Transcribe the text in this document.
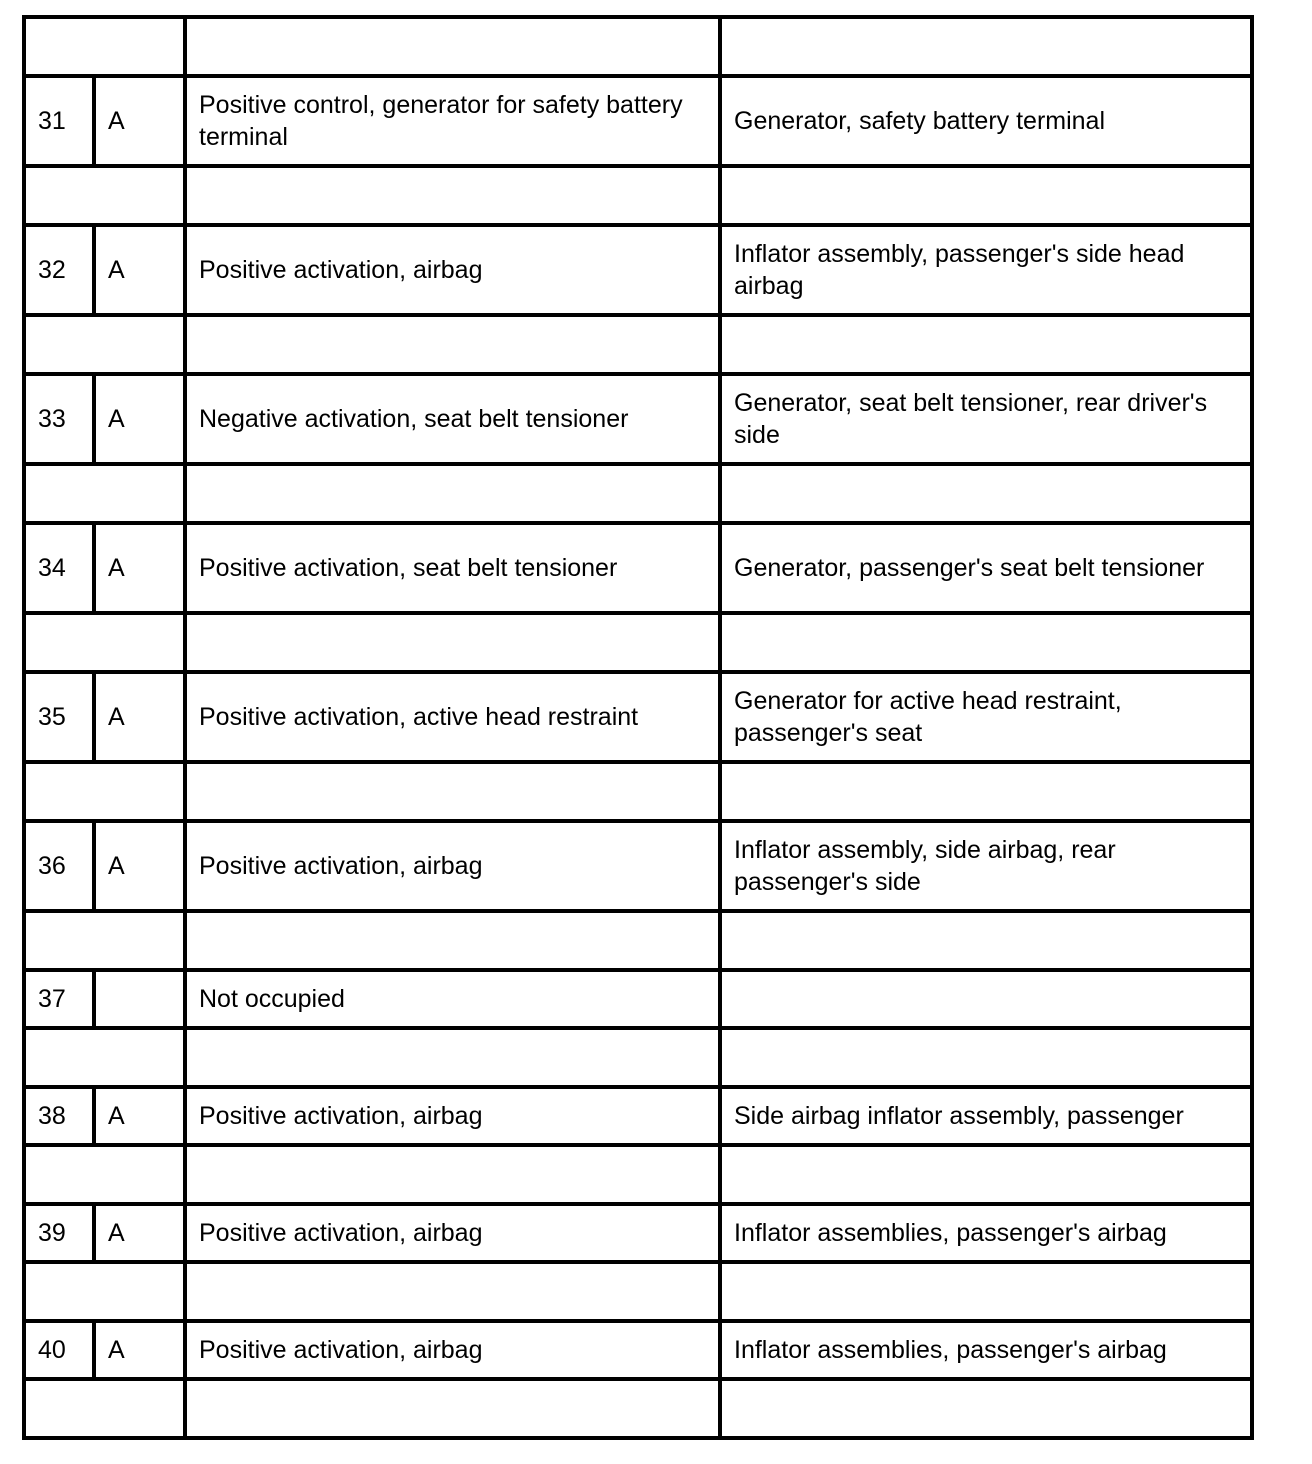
31	A	Positive control, generator for safety battery terminal	Generator, safety battery terminal

32	A	Positive activation, airbag	Inflator assembly, passenger's side head airbag

33	A	Negative activation, seat belt tensioner	Generator, seat belt tensioner, rear driver's side

34	A	Positive activation, seat belt tensioner	Generator, passenger's seat belt tensioner

35	A	Positive activation, active head restraint	Generator for active head restraint, passenger's seat

36	A	Positive activation, airbag	Inflator assembly, side airbag, rear passenger's side

37		Not occupied	

38	A	Positive activation, airbag	Side airbag inflator assembly, passenger

39	A	Positive activation, airbag	Inflator assemblies, passenger's airbag

40	A	Positive activation, airbag	Inflator assemblies, passenger's airbag
